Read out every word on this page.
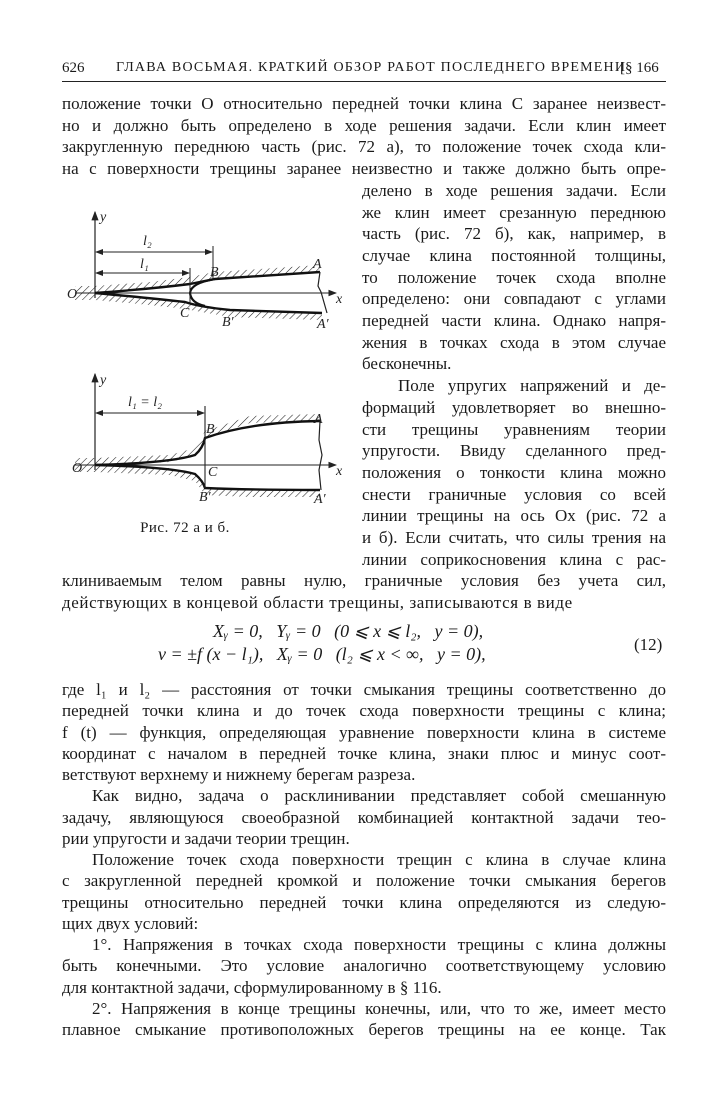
626 ГЛАВА ВОСЬМАЯ. КРАТКИЙ ОБЗОР РАБОТ ПОСЛЕДНЕГО ВРЕМЕНИ
[§ 166
положение точки O относительно передней точки клина C заранее неизвест-
но и должно быть определено в ходе решения задачи. Если клин имеет
закругленную переднюю часть (рис. 72 а), то положение точек схода кли-
на с поверхности трещины заранее неизвестно и также должно быть опре-
делено в ходе решения задачи. Если
же клин имеет срезанную переднюю
часть (рис. 72 б), как, например, в
случае клина постоянной толщины,
то положение точек схода вполне
определено: они совпадают с углами
передней части клина. Однако напря-
жения в точках схода в этом случае
бесконечны.
Поле упругих напряжений и де-
формаций удовлетворяет во внешно-
сти трещины уравнениям теории
упругости. Ввиду сделанного пред-
положения о тонкости клина можно
снести граничные условия со всей
линии трещины на ось Ox (рис. 72 а
и б). Если считать, что силы трения на
линии соприкосновения клина с рас-
клиниваемым телом равны нулю, граничные условия без учета сил,
действующих в концевой области трещины, записываются в виде
Xᵧ = 0,   Yᵧ = 0   (0 ⩽ x ⩽ l₂,   y = 0),
v = ±f (x − l₁),   Xᵧ = 0   (l₂ ⩽ x < ∞,   y = 0),	(12)
где l₁ и l₂ — расстояния от точки смыкания трещины соответственно до
передней точки клина и до точек схода поверхности трещины с клина;
f (t) — функция, определяющая уравнение поверхности клина в системе
координат с началом в передней точке клина, знаки плюс и минус соот-
ветствуют верхнему и нижнему берегам разреза.
Как видно, задача о расклинивании представляет собой смешанную
задачу, являющуюся своеобразной комбинацией контактной задачи тео-
рии упругости и задачи теории трещин.
Положение точек схода поверхности трещин с клина в случае клина
с закругленной передней кромкой и положение точки смыкания берегов
трещины относительно передней точки клина определяются из следую-
щих двух условий:
1°. Напряжения в точках схода поверхности трещины с клина должны
быть конечными. Это условие аналогично соответствующему условию
для контактной задачи, сформулированному в § 116.
2°. Напряжения в конце трещины конечны, или, что то же, имеет место
плавное смыкание противоположных берегов трещины на ее конце. Так
y
l₂
l₁
B
A
O	x
C
B′	A′
y
l₁ = l₂
B
A
O	C	x
B′	A′
Рис. 72 а и б.
